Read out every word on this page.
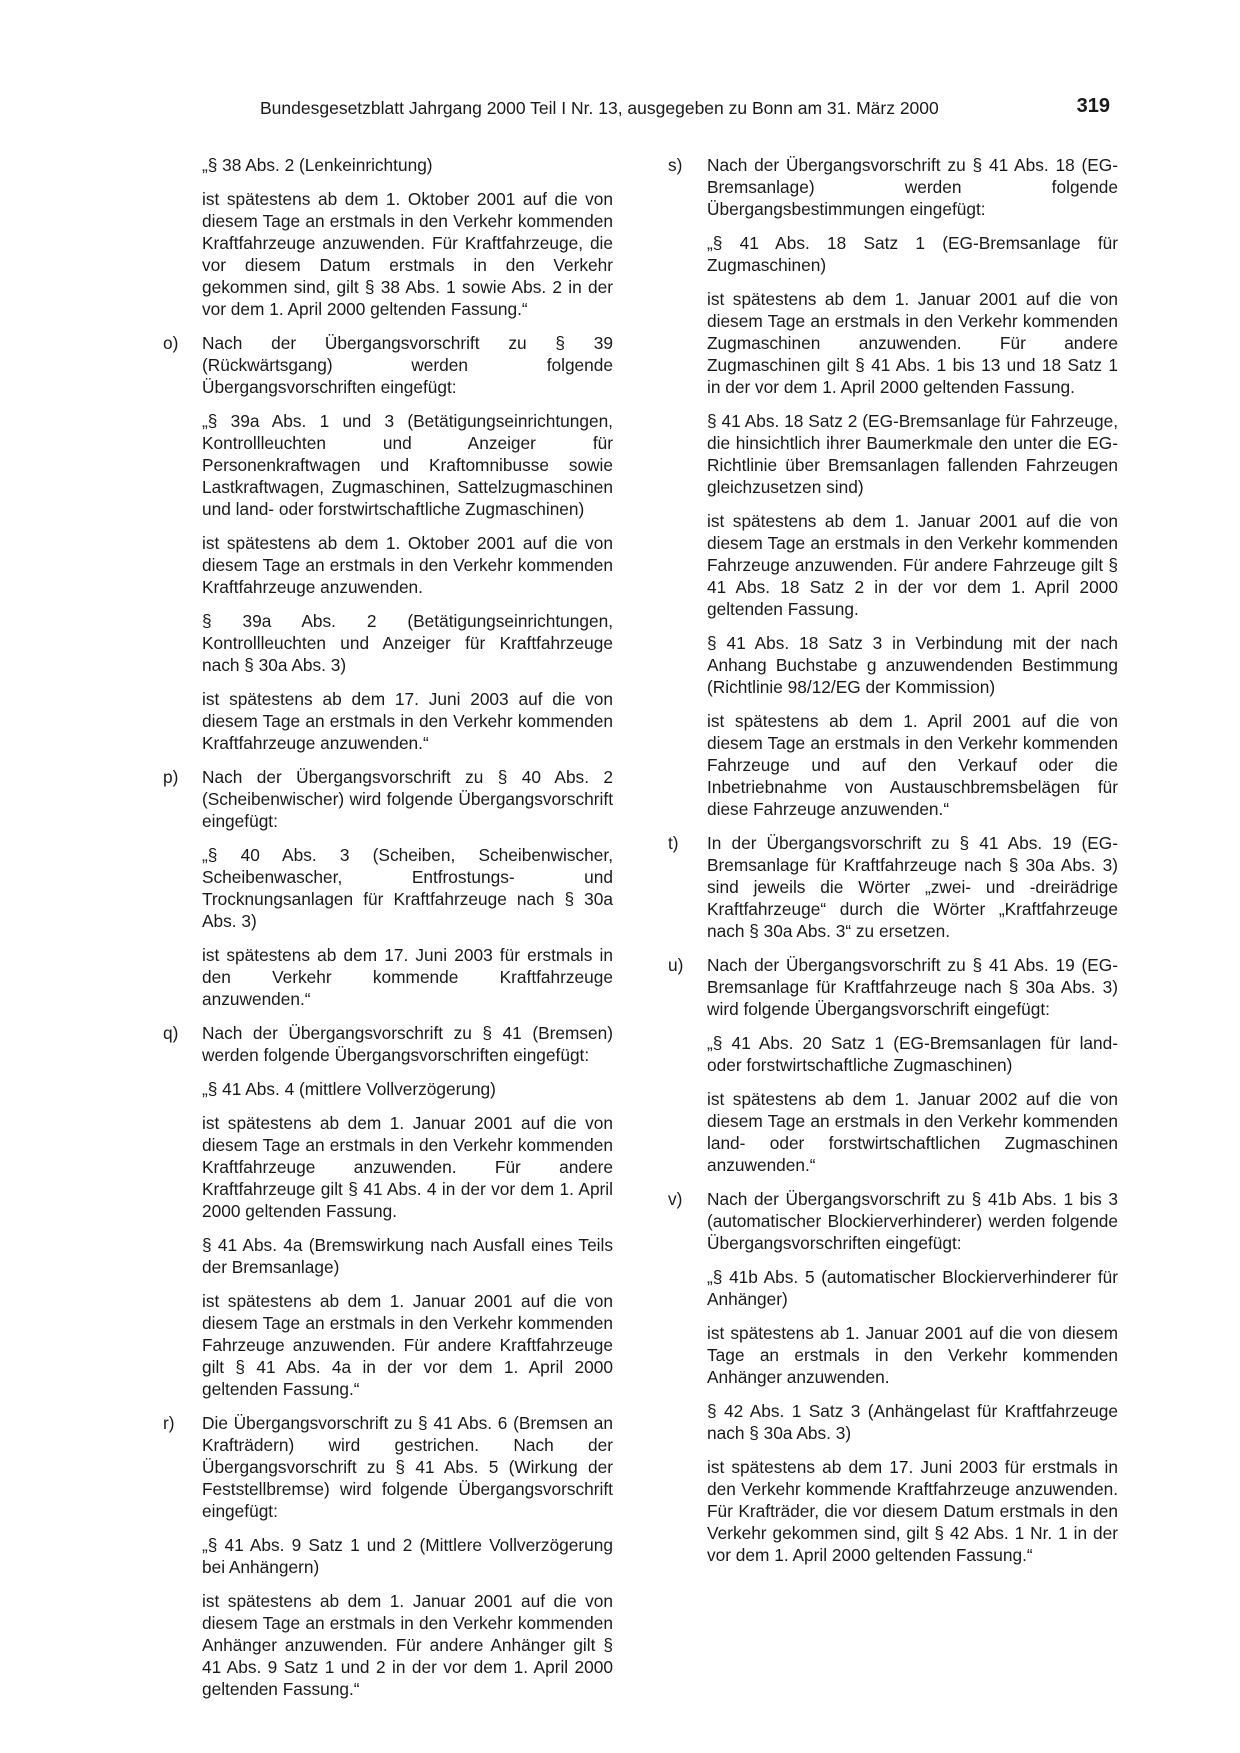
Bundesgesetzblatt Jahrgang 2000 Teil I Nr. 13, ausgegeben zu Bonn am 31. März 2000	319

„§ 38 Abs. 2 (Lenkeinrichtung)

ist spätestens ab dem 1. Oktober 2001 auf die von diesem Tage an erstmals in den Verkehr kommenden Kraftfahrzeuge anzuwenden. Für Kraftfahrzeuge, die vor diesem Datum erstmals in den Verkehr gekommen sind, gilt § 38 Abs. 1 sowie Abs. 2 in der vor dem 1. April 2000 geltenden Fassung.“

o) Nach der Übergangsvorschrift zu § 39 (Rückwärtsgang) werden folgende Übergangsvorschriften eingefügt:

„§ 39a Abs. 1 und 3 (Betätigungseinrichtungen, Kontrollleuchten und Anzeiger für Personenkraftwagen und Kraftomnibusse sowie Lastkraftwagen, Zugmaschinen, Sattelzugmaschinen und land- oder forstwirtschaftliche Zugmaschinen)

ist spätestens ab dem 1. Oktober 2001 auf die von diesem Tage an erstmals in den Verkehr kommenden Kraftfahrzeuge anzuwenden.

§ 39a Abs. 2 (Betätigungseinrichtungen, Kontrollleuchten und Anzeiger für Kraftfahrzeuge nach § 30a Abs. 3)

ist spätestens ab dem 17. Juni 2003 auf die von diesem Tage an erstmals in den Verkehr kommenden Kraftfahrzeuge anzuwenden.“

p) Nach der Übergangsvorschrift zu § 40 Abs. 2 (Scheibenwischer) wird folgende Übergangsvorschrift eingefügt:

„§ 40 Abs. 3 (Scheiben, Scheibenwischer, Scheibenwascher, Entfrostungs- und Trocknungsanlagen für Kraftfahrzeuge nach § 30a Abs. 3)

ist spätestens ab dem 17. Juni 2003 für erstmals in den Verkehr kommende Kraftfahrzeuge anzuwenden.“

q) Nach der Übergangsvorschrift zu § 41 (Bremsen) werden folgende Übergangsvorschriften eingefügt:

„§ 41 Abs. 4 (mittlere Vollverzögerung)

ist spätestens ab dem 1. Januar 2001 auf die von diesem Tage an erstmals in den Verkehr kommenden Kraftfahrzeuge anzuwenden. Für andere Kraftfahrzeuge gilt § 41 Abs. 4 in der vor dem 1. April 2000 geltenden Fassung.

§ 41 Abs. 4a (Bremswirkung nach Ausfall eines Teils der Bremsanlage)

ist spätestens ab dem 1. Januar 2001 auf die von diesem Tage an erstmals in den Verkehr kommenden Fahrzeuge anzuwenden. Für andere Kraftfahrzeuge gilt § 41 Abs. 4a in der vor dem 1. April 2000 geltenden Fassung.“

r) Die Übergangsvorschrift zu § 41 Abs. 6 (Bremsen an Krafträdern) wird gestrichen. Nach der Übergangsvorschrift zu § 41 Abs. 5 (Wirkung der Feststellbremse) wird folgende Übergangsvorschrift eingefügt:

„§ 41 Abs. 9 Satz 1 und 2 (Mittlere Vollverzögerung bei Anhängern)

ist spätestens ab dem 1. Januar 2001 auf die von diesem Tage an erstmals in den Verkehr kommenden Anhänger anzuwenden. Für andere Anhänger gilt § 41 Abs. 9 Satz 1 und 2 in der vor dem 1. April 2000 geltenden Fassung.“

s) Nach der Übergangsvorschrift zu § 41 Abs. 18 (EG-Bremsanlage) werden folgende Übergangsbestimmungen eingefügt:

„§ 41 Abs. 18 Satz 1 (EG-Bremsanlage für Zugmaschinen)

ist spätestens ab dem 1. Januar 2001 auf die von diesem Tage an erstmals in den Verkehr kommenden Zugmaschinen anzuwenden. Für andere Zugmaschinen gilt § 41 Abs. 1 bis 13 und 18 Satz 1 in der vor dem 1. April 2000 geltenden Fassung.

§ 41 Abs. 18 Satz 2 (EG-Bremsanlage für Fahrzeuge, die hinsichtlich ihrer Baumerkmale den unter die EG-Richtlinie über Bremsanlagen fallenden Fahrzeugen gleichzusetzen sind)

ist spätestens ab dem 1. Januar 2001 auf die von diesem Tage an erstmals in den Verkehr kommenden Fahrzeuge anzuwenden. Für andere Fahrzeuge gilt § 41 Abs. 18 Satz 2 in der vor dem 1. April 2000 geltenden Fassung.

§ 41 Abs. 18 Satz 3 in Verbindung mit der nach Anhang Buchstabe g anzuwendenden Bestimmung (Richtlinie 98/12/EG der Kommission)

ist spätestens ab dem 1. April 2001 auf die von diesem Tage an erstmals in den Verkehr kommenden Fahrzeuge und auf den Verkauf oder die Inbetriebnahme von Austauschbremsbelägen für diese Fahrzeuge anzuwenden.“

t) In der Übergangsvorschrift zu § 41 Abs. 19 (EG-Bremsanlage für Kraftfahrzeuge nach § 30a Abs. 3) sind jeweils die Wörter „zwei- und -dreirädrige Kraftfahrzeuge“ durch die Wörter „Kraftfahrzeuge nach § 30a Abs. 3“ zu ersetzen.
u) Nach der Übergangsvorschrift zu § 41 Abs. 19 (EG-Bremsanlage für Kraftfahrzeuge nach § 30a Abs. 3) wird folgende Übergangsvorschrift eingefügt:

„§ 41 Abs. 20 Satz 1 (EG-Bremsanlagen für land- oder forstwirtschaftliche Zugmaschinen)

ist spätestens ab dem 1. Januar 2002 auf die von diesem Tage an erstmals in den Verkehr kommenden land- oder forstwirtschaftlichen Zugmaschinen anzuwenden.“

v) Nach der Übergangsvorschrift zu § 41b Abs. 1 bis 3 (automatischer Blockierverhinderer) werden folgende Übergangsvorschriften eingefügt:

„§ 41b Abs. 5 (automatischer Blockierverhinderer für Anhänger)

ist spätestens ab 1. Januar 2001 auf die von diesem Tage an erstmals in den Verkehr kommenden Anhänger anzuwenden.

§ 42 Abs. 1 Satz 3 (Anhängelast für Kraftfahrzeuge nach § 30a Abs. 3)

ist spätestens ab dem 17. Juni 2003 für erstmals in den Verkehr kommende Kraftfahrzeuge anzuwenden. Für Krafträder, die vor diesem Datum erstmals in den Verkehr gekommen sind, gilt § 42 Abs. 1 Nr. 1 in der vor dem 1. April 2000 geltenden Fassung.“
